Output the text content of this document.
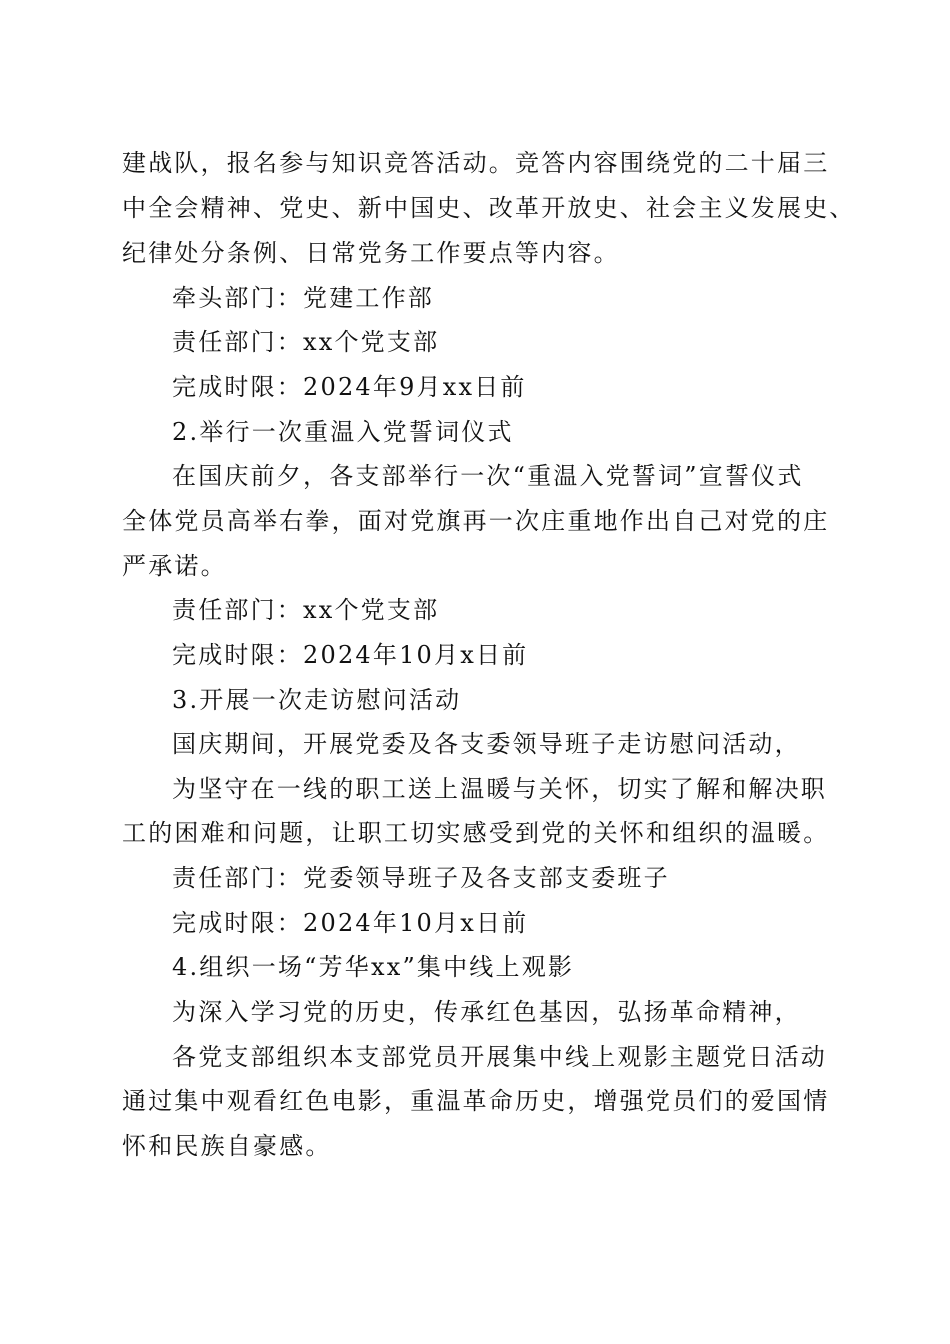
建战队，报名参与知识竞答活动。竞答内容围绕党的二十届三
中全会精神、党史、新中国史、改革开放史、社会主义发展史、
纪律处分条例、日常党务工作要点等内容。
牵头部门：党建工作部
责任部门：xx个党支部
完成时限：2024年9月xx日前
2.举行一次重温入党誓词仪式
在国庆前夕，各支部举行一次“重温入党誓词”宣誓仪式
全体党员高举右拳，面对党旗再一次庄重地作出自己对党的庄
严承诺。
责任部门：xx个党支部
完成时限：2024年10月x日前
3.开展一次走访慰问活动
国庆期间，开展党委及各支委领导班子走访慰问活动，
为坚守在一线的职工送上温暖与关怀，切实了解和解决职
工的困难和问题，让职工切实感受到党的关怀和组织的温暖。
责任部门：党委领导班子及各支部支委班子
完成时限：2024年10月x日前
4.组织一场“芳华xx”集中线上观影
为深入学习党的历史，传承红色基因，弘扬革命精神，
各党支部组织本支部党员开展集中线上观影主题党日活动
通过集中观看红色电影，重温革命历史，增强党员们的爱国情
怀和民族自豪感。
